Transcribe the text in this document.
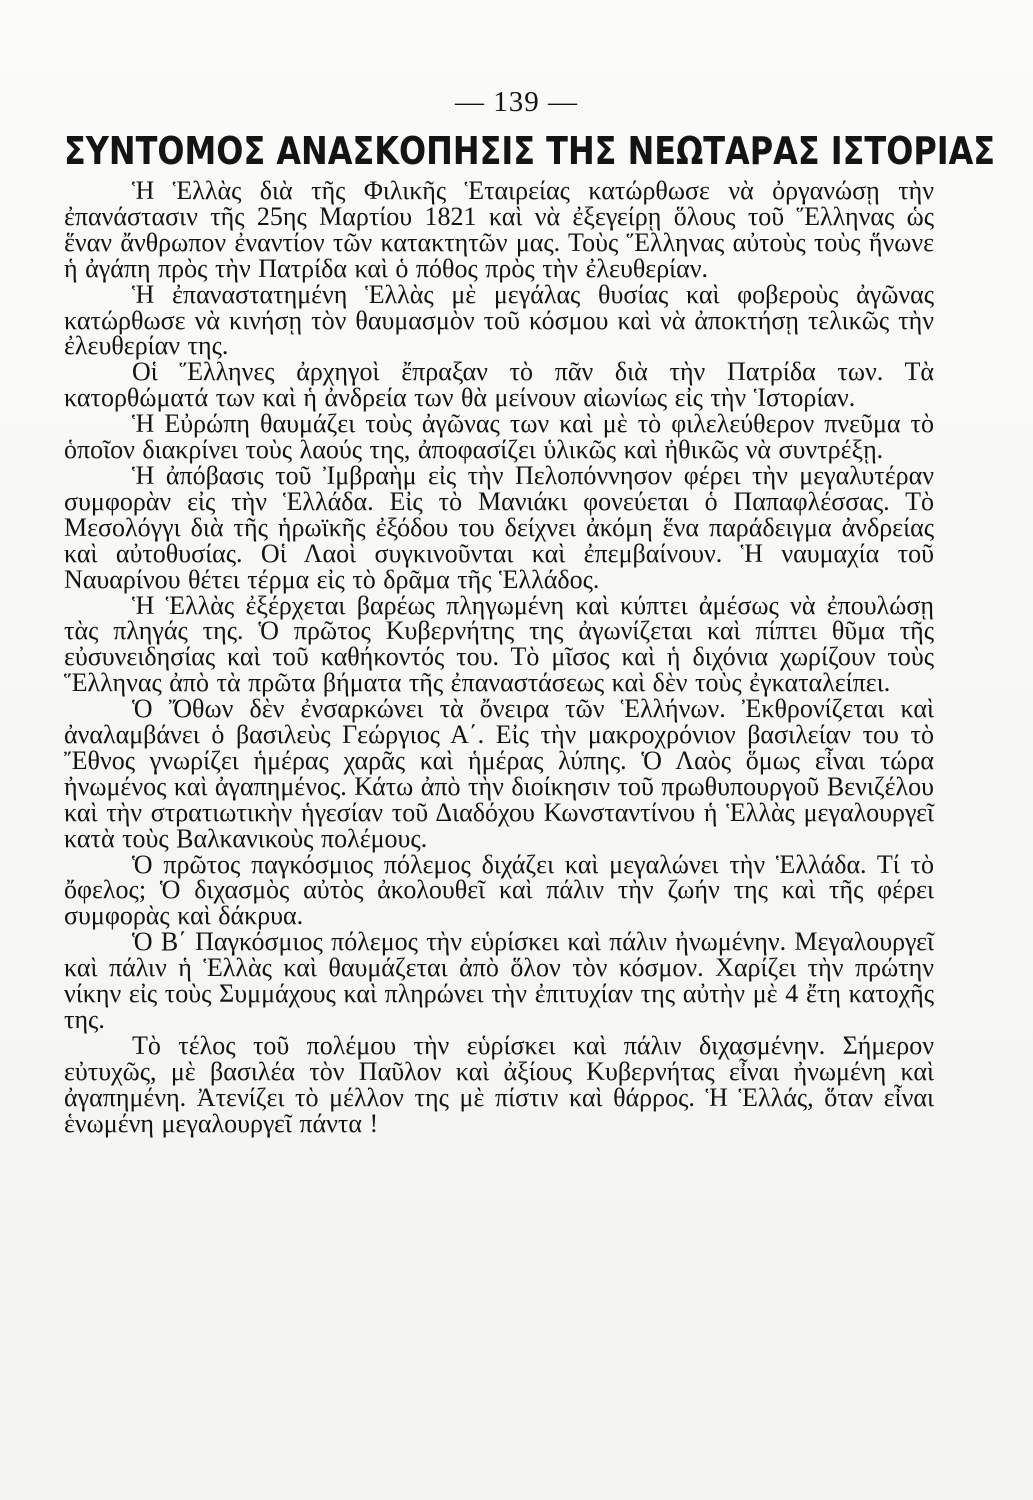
— 139 —
ΣΥΝΤΟΜΟΣ ΑΝΑΣΚΟΠΗΣΙΣ ΤΗΣ ΝΕΩΤΑΡΑΣ ΙΣΤΟΡΙΑΣ

Ἡ Ἑλλὰς διὰ τῆς Φιλικῆς Ἑταιρείας κατώρθωσε νὰ ὀργανώσῃ τὴν ἐπανάστασιν τῆς 25ης Μαρτίου 1821 καὶ νὰ ἐξεγείρῃ ὅλους τοῦ Ἕλληνας ὡς ἕναν ἄνθρωπον ἐναντίον τῶν κατακτητῶν μας. Τοὺς Ἕλληνας αὐτοὺς τοὺς ἥνωνε ἡ ἀγάπη πρὸς τὴν Πατρίδα καὶ ὁ πόθος πρὸς τὴν ἐλευθερίαν.

Ἡ ἐπαναστατημένη Ἑλλὰς μὲ μεγάλας θυσίας καὶ φοβεροὺς ἀγῶνας κατώρθωσε νὰ κινήσῃ τὸν θαυμασμὸν τοῦ κόσμου καὶ νὰ ἀποκτήσῃ τελικῶς τὴν ἐλευθερίαν της.

Οἱ Ἕλληνες ἀρχηγοὶ ἔπραξαν τὸ πᾶν διὰ τὴν Πατρίδα των. Τὰ κατορθώματά των καὶ ἡ ἀνδρεία των θὰ μείνουν αἰωνίως εἰς τὴν Ἱστορίαν.

Ἡ Εὐρώπη θαυμάζει τοὺς ἀγῶνας των καὶ μὲ τὸ φιλελεύθερον πνεῦμα τὸ ὁποῖον διακρίνει τοὺς λαούς της, ἀποφασίζει ὑλικῶς καὶ ἠθικῶς νὰ συντρέξῃ.

Ἡ ἀπόβασις τοῦ Ἰμβραὴμ εἰς τὴν Πελοπόννησον φέρει τὴν μεγαλυτέραν συμφορὰν εἰς τὴν Ἑλλάδα. Εἰς τὸ Μανιάκι φονεύεται ὁ Παπαφλέσσας. Τὸ Μεσολόγγι διὰ τῆς ἡρωϊκῆς ἐξόδου του δείχνει ἀκόμη ἕνα παράδειγμα ἀνδρείας καὶ αὐτοθυσίας. Οἱ Λαοὶ συγκινοῦνται καὶ ἐπεμβαίνουν. Ἡ ναυμαχία τοῦ Ναυαρίνου θέτει τέρμα εἰς τὸ δρᾶμα τῆς Ἑλλάδος.

Ἡ Ἑλλὰς ἐξέρχεται βαρέως πληγωμένη καὶ κύπτει ἀμέσως νὰ ἐπουλώσῃ τὰς πληγάς της. Ὁ πρῶτος Κυβερνήτης της ἀγωνίζεται καὶ πίπτει θῦμα τῆς εὐσυνειδησίας καὶ τοῦ καθήκοντός του. Τὸ μῖσος καὶ ἡ διχόνια χωρίζουν τοὺς Ἕλληνας ἀπὸ τὰ πρῶτα βήματα τῆς ἐπαναστάσεως καὶ δὲν τοὺς ἐγκαταλείπει.

Ὁ Ὄθων δὲν ἐνσαρκώνει τὰ ὄνειρα τῶν Ἑλλήνων. Ἐκθρονίζεται καὶ ἀναλαμβάνει ὁ βασιλεὺς Γεώργιος Α΄. Εἰς τὴν μακροχρόνιον βασιλείαν του τὸ Ἔθνος γνωρίζει ἡμέρας χαρᾶς καὶ ἡμέρας λύπης. Ὁ Λαὸς ὅμως εἶναι τώρα ἠνωμένος καὶ ἀγαπημένος. Κάτω ἀπὸ τὴν διοίκησιν τοῦ πρωθυπουργοῦ Βενιζέλου καὶ τὴν στρατιωτικὴν ἡγεσίαν τοῦ Διαδόχου Κωνσταντίνου ἡ Ἑλλὰς μεγαλουργεῖ κατὰ τοὺς Βαλκανικοὺς πολέμους.

Ὁ πρῶτος παγκόσμιος πόλεμος διχάζει καὶ μεγαλώνει τὴν Ἑλλάδα. Τί τὸ ὄφελος; Ὁ διχασμὸς αὐτὸς ἀκολουθεῖ καὶ πάλιν τὴν ζωήν της καὶ τῆς φέρει συμφορὰς καὶ δάκρυα.

Ὁ Β΄ Παγκόσμιος πόλεμος τὴν εὑρίσκει καὶ πάλιν ἠνωμένην. Μεγαλουργεῖ καὶ πάλιν ἡ Ἑλλὰς καὶ θαυμάζεται ἀπὸ ὅλον τὸν κόσμον. Χαρίζει τὴν πρώτην νίκην εἰς τοὺς Συμμάχους καὶ πληρώνει τὴν ἐπιτυχίαν της αὐτὴν μὲ 4 ἔτη κατοχῆς της.

Τὸ τέλος τοῦ πολέμου τὴν εὑρίσκει καὶ πάλιν διχασμένην. Σήμερον εὐτυχῶς, μὲ βασιλέα τὸν Παῦλον καὶ ἀξίους Κυβερνήτας εἶναι ἠνωμένη καὶ ἀγαπημένη. Ἀτενίζει τὸ μέλλον της μὲ πίστιν καὶ θάρρος. Ἡ Ἑλλάς, ὅταν εἶναι ἑνωμένη μεγαλουργεῖ πάντα !
